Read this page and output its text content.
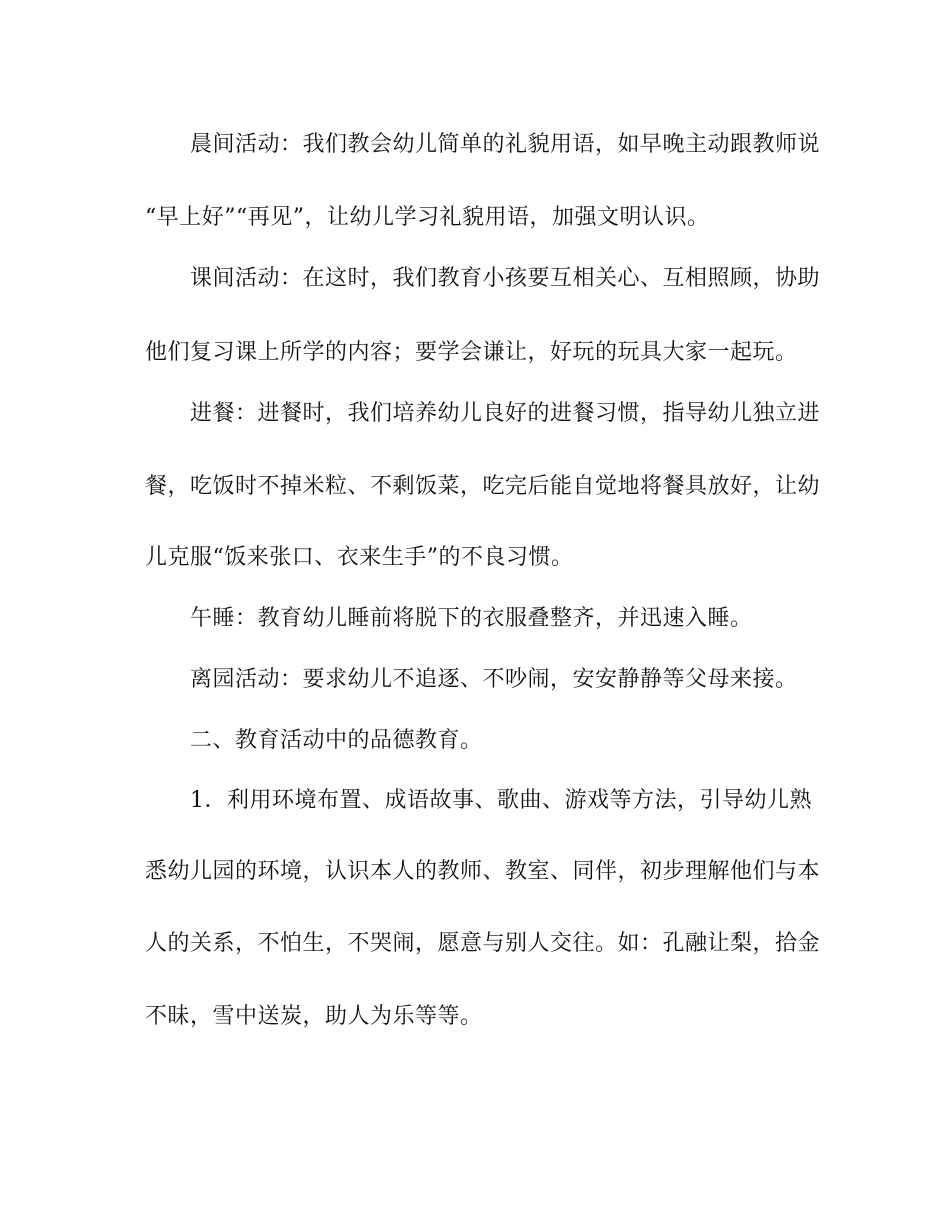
晨间活动：我们教会幼儿简单的礼貌用语，如早晚主动跟教师说
“早上好”“再见”，让幼儿学习礼貌用语，加强文明认识。
课间活动：在这时，我们教育小孩要互相关心、互相照顾，协助
他们复习课上所学的内容；要学会谦让，好玩的玩具大家一起玩。
进餐：进餐时，我们培养幼儿良好的进餐习惯，指导幼儿独立进
餐，吃饭时不掉米粒、不剩饭菜，吃完后能自觉地将餐具放好，让幼
儿克服“饭来张口、衣来生手”的不良习惯。
午睡：教育幼儿睡前将脱下的衣服叠整齐，并迅速入睡。
离园活动：要求幼儿不追逐、不吵闹，安安静静等父母来接。
二、教育活动中的品德教育。
1．利用环境布置、成语故事、歌曲、游戏等方法，引导幼儿熟
悉幼儿园的环境，认识本人的教师、教室、同伴，初步理解他们与本
人的关系，不怕生，不哭闹，愿意与别人交往。如：孔融让梨，拾金
不昧，雪中送炭，助人为乐等等。
